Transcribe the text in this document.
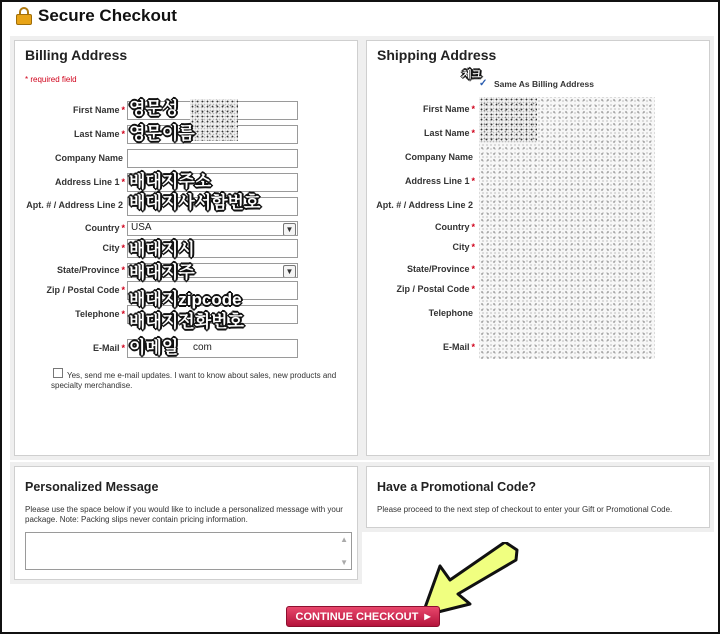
Secure Checkout
Billing Address
* required field
First Name *
Last Name *
Company Name
Address Line 1 *
Apt. # / Address Line 2
Country *
City *
State/Province *
Zip / Postal Code *
Telephone *
E-Mail *
USA	▼
▼
com
영문성
영문이름
배대지주소
배대지사서함번호
배대지시
배대지주
배대지zipcode
배대지전화번호
이메일
Yes, send me e-mail updates. I want to know about sales, new products and specialty merchandise.
Shipping Address
체크
✓ Same As Billing Address
First Name *
Last Name *
Company Name
Address Line 1 *
Apt. # / Address Line 2
Country *
City *
State/Province *
Zip / Postal Code *
Telephone
E-Mail *
Personalized Message
Please use the space below if you would like to include a personalized message with your package. Note: Packing slips never contain pricing information.
▲
▼
Have a Promotional Code?
Please proceed to the next step of checkout to enter your Gift or Promotional Code.
CONTINUE CHECKOUT ▶
